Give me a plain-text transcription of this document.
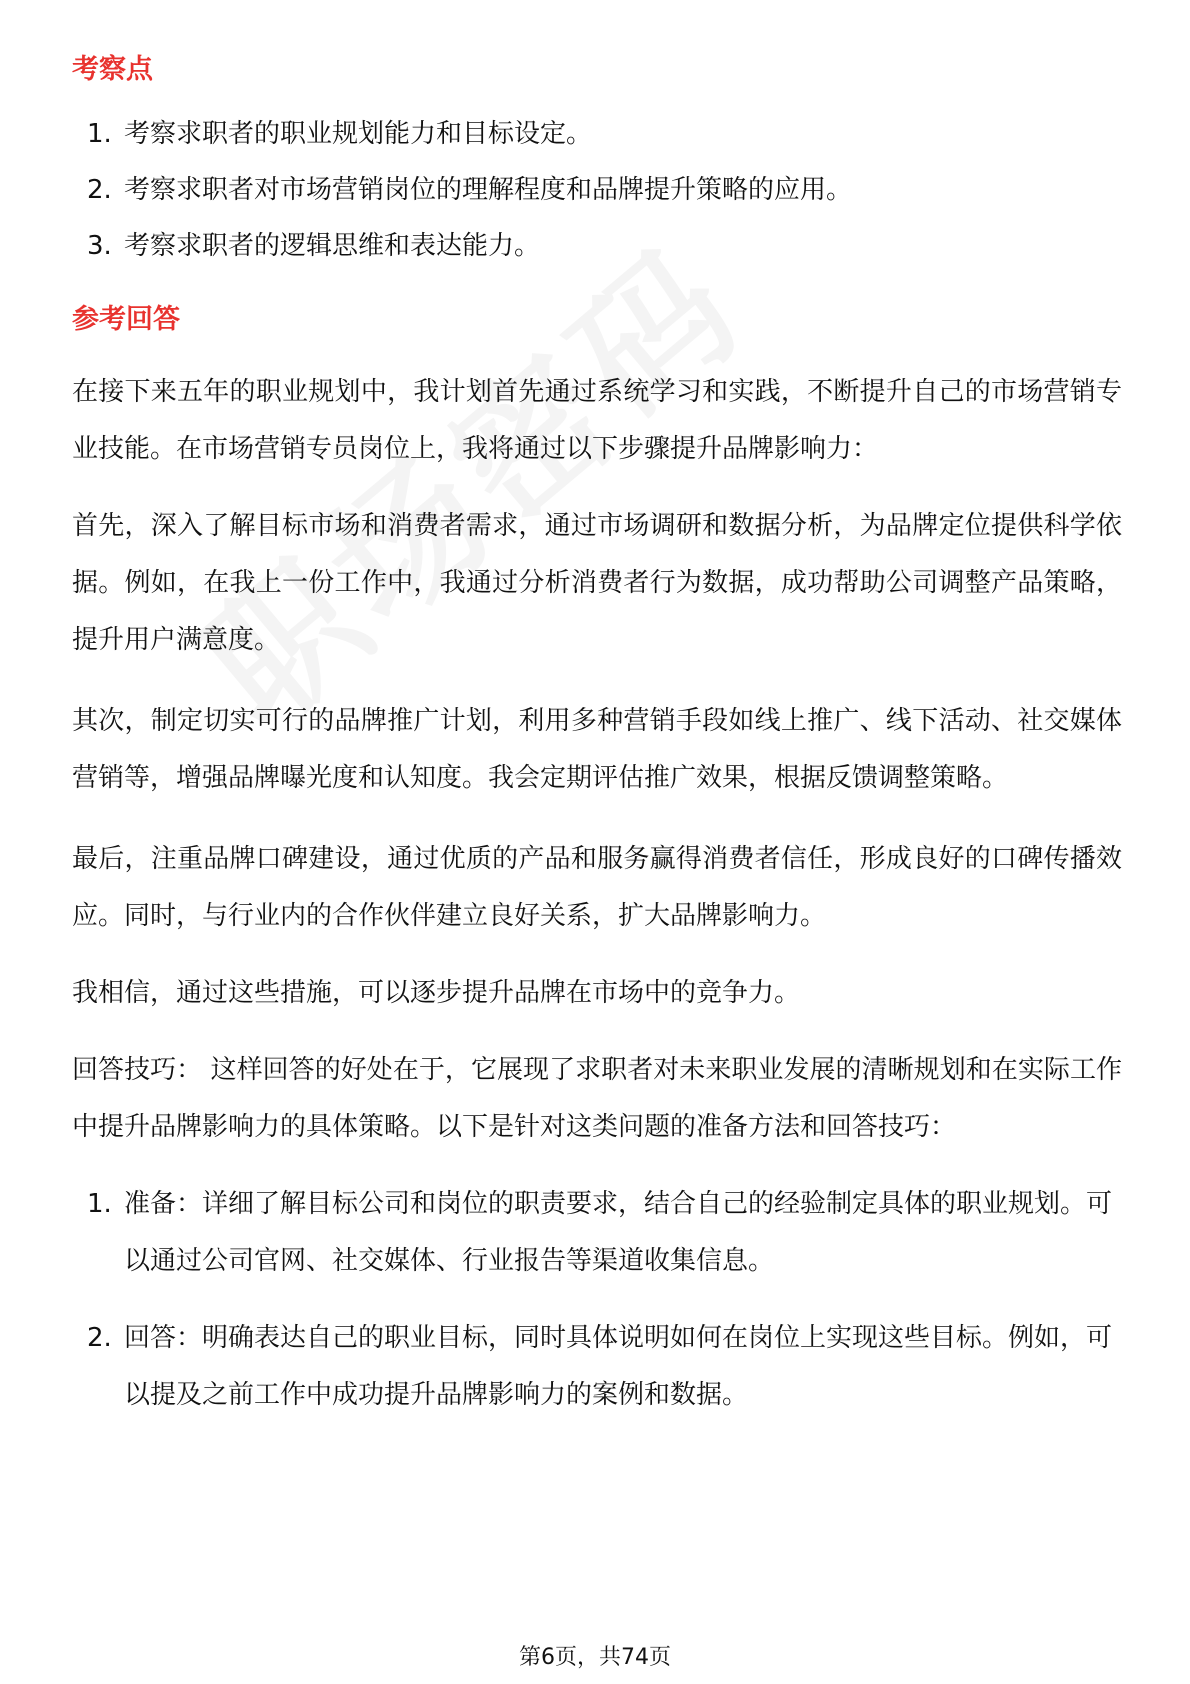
考察点
1. 考察求职者的职业规划能力和目标设定。
2. 考察求职者对市场营销岗位的理解程度和品牌提升策略的应用。
3. 考察求职者的逻辑思维和表达能力。
参考回答

在接下来五年的职业规划中，我计划首先通过系统学习和实践，不断提升自己的市场营销专业技能。在市场营销专员岗位上，我将通过以下步骤提升品牌影响力：

首先，深入了解目标市场和消费者需求，通过市场调研和数据分析，为品牌定位提供科学依据。例如，在我上一份工作中，我通过分析消费者行为数据，成功帮助公司调整产品策略，提升用户满意度。

其次，制定切实可行的品牌推广计划，利用多种营销手段如线上推广、线下活动、社交媒体营销等，增强品牌曝光度和认知度。我会定期评估推广效果，根据反馈调整策略。

最后，注重品牌口碑建设，通过优质的产品和服务赢得消费者信任，形成良好的口碑传播效应。同时，与行业内的合作伙伴建立良好关系，扩大品牌影响力。

我相信，通过这些措施，可以逐步提升品牌在市场中的竞争力。

回答技巧： 这样回答的好处在于，它展现了求职者对未来职业发展的清晰规划和在实际工作中提升品牌影响力的具体策略。以下是针对这类问题的准备方法和回答技巧：

1. 准备：详细了解目标公司和岗位的职责要求，结合自己的经验制定具体的职业规划。可以通过公司官网、社交媒体、行业报告等渠道收集信息。
2. 回答：明确表达自己的职业目标，同时具体说明如何在岗位上实现这些目标。例如，可以提及之前工作中成功提升品牌影响力的案例和数据。
第6页，共74页
